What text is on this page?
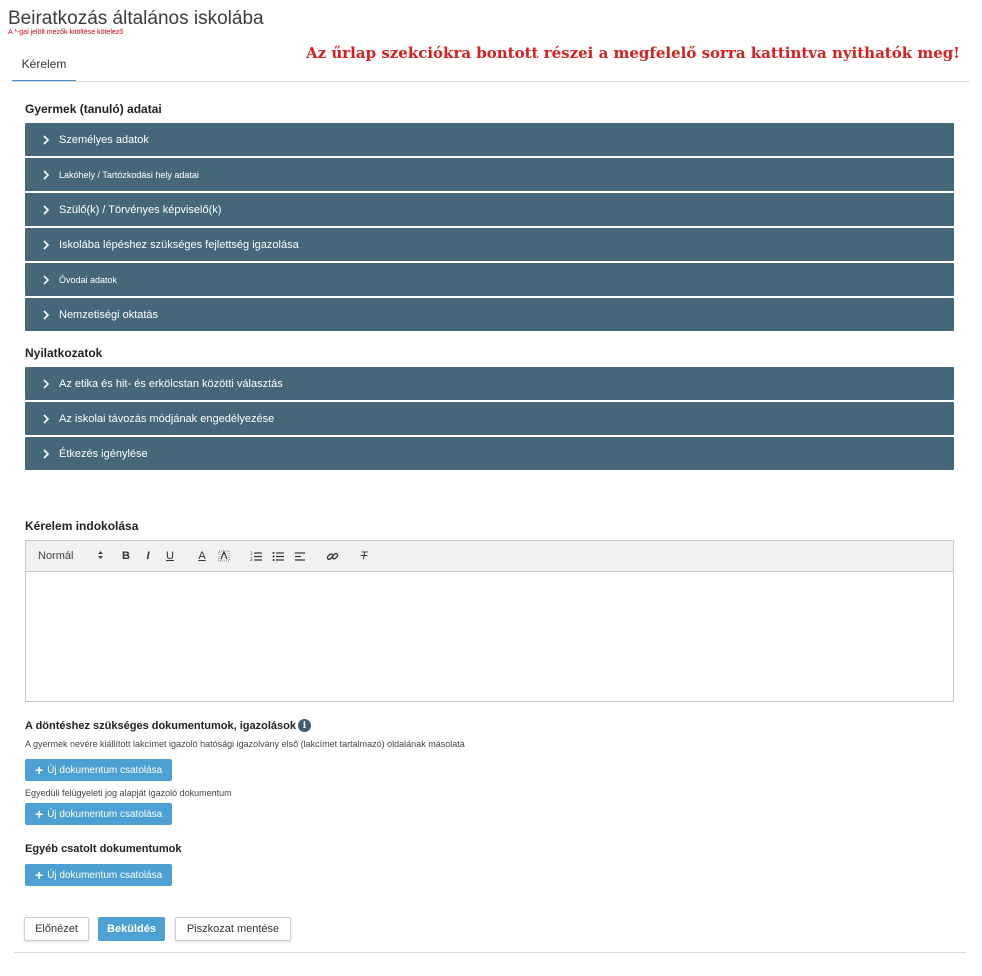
Beiratkozás általános iskolába
A *-gal jelölt mezők kitöltése kötelező
Az űrlap szekciókra bontott részei a megfelelő sorra kattintva nyithatók meg!
Kérelem
Gyermek (tanuló) adatai
Személyes adatok
Lakóhely / Tartózkodási hely adatai
Szülő(k) / Törvényes képviselő(k)
Iskolába lépéshez szükséges fejlettség igazolása
Óvodai adatok
Nemzetiségi oktatás
Nyilatkozatok
Az etika és hit- és erkölcstan közötti választás
Az iskolai távozás módjának engedélyezése
Étkezés igénylése
Kérelem indokolása
Normál	B	I	U	A	1
2	T
A döntéshez szükséges dokumentumok, igazolások i
A gyermek nevére kiállított lakcímet igazoló hatósági igazolvány első (lakcímet tartalmazó) oldalának másolata
+ Új dokumentum csatolása
Egyedüli felügyeleti jog alapját igazoló dokumentum
+ Új dokumentum csatolása
Egyéb csatolt dokumentumok
+ Új dokumentum csatolása
Előnézet	Beküldés	Piszkozat mentése
